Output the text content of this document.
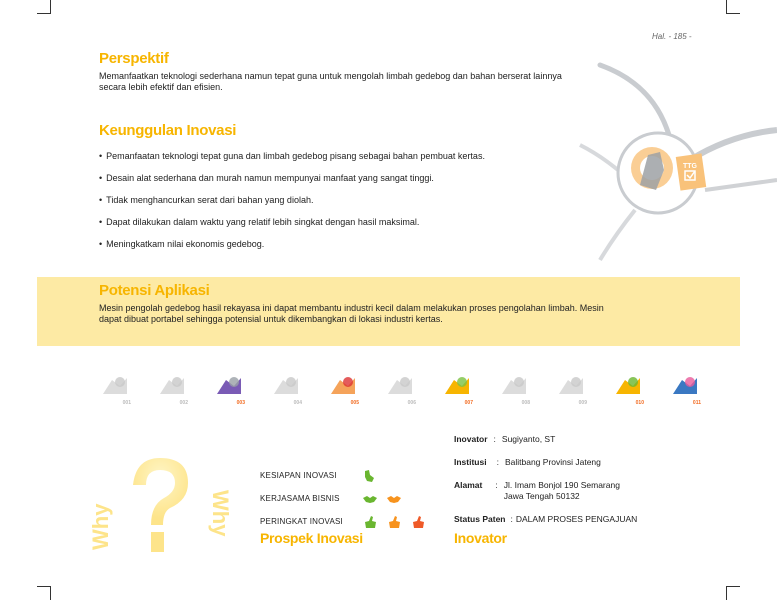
Hal. - 185 -
Perspektif

Memanfaatkan teknologi sederhana namun tepat guna untuk mengolah limbah gedebog dan bahan berserat lainnya secara lebih efektif dan efisien.

Keunggulan Inovasi
• Pemanfaatan teknologi tepat guna dan limbah gedebog pisang sebagai bahan pembuat kertas.
• Desain alat sederhana dan murah namun mempunyai manfaat yang sangat tinggi.
• Tidak menghancurkan serat dari bahan yang diolah.
• Dapat dilakukan dalam waktu yang relatif lebih singkat dengan hasil maksimal.
• Meningkatkam nilai ekonomis gedebog.
TTG
Potensi Aplikasi

Mesin pengolah gedebog hasil rekayasa ini dapat membantu industri kecil dalam melakukan proses pengolahan limbah. Mesin dapat dibuat portabel sehingga potensial untuk dikembangkan di lokasi industri kertas.

001	002	003	004	005	006	007	008	009	010	011
Why	Why
KESIAPAN INOVASI
KERJASAMA BISNIS
PERINGKAT INOVASI
Prospek Inovasi
Inovator : Sugiyanto, ST
Institusi : Balitbang Provinsi Jateng
Alamat : Jl. Imam Bonjol 190 Semarang
Jawa Tengah 50132
Status Paten : DALAM PROSES PENGAJUAN
Inovator
